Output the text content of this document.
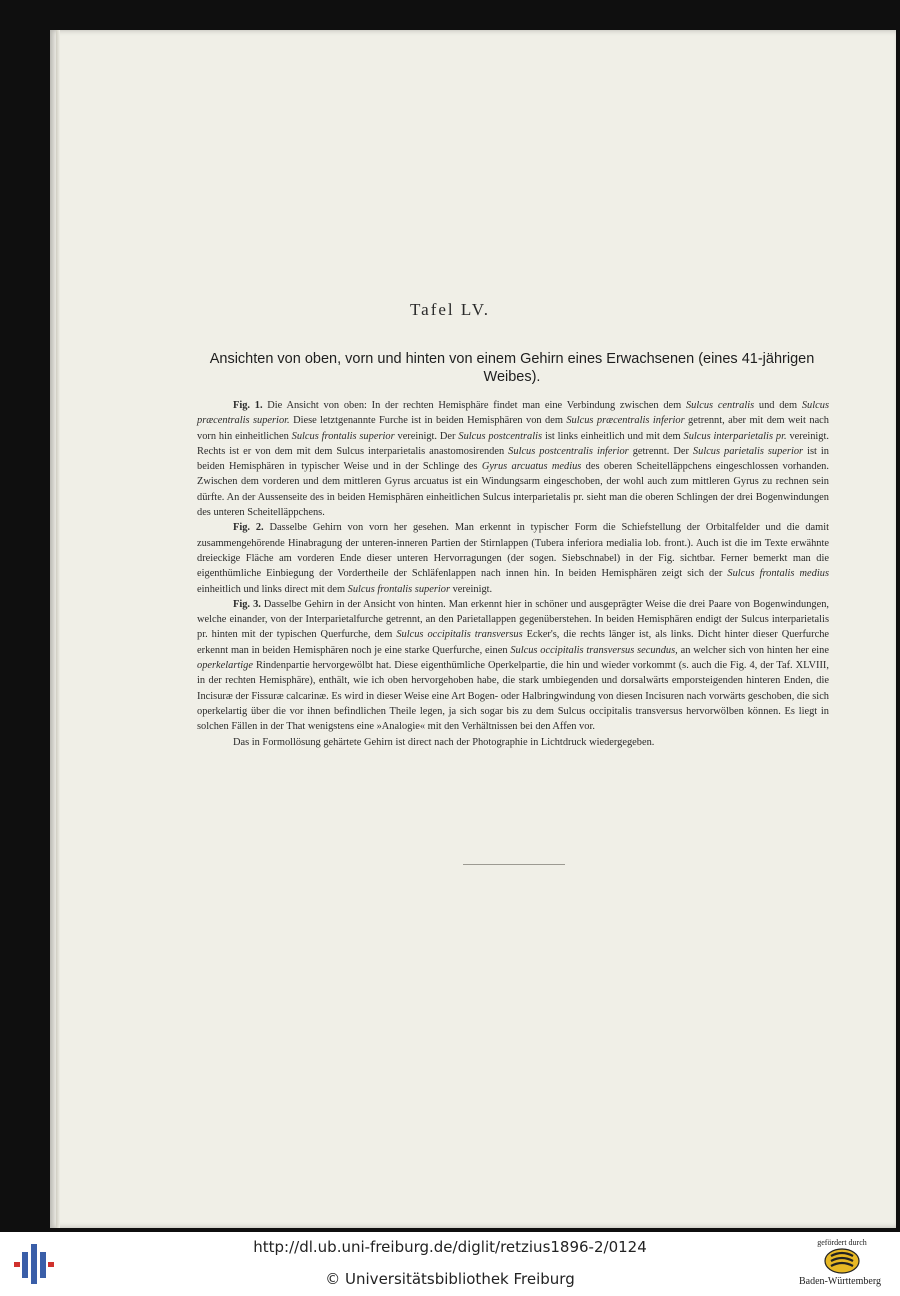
Tafel LV.
Ansichten von oben, vorn und hinten von einem Gehirn eines Erwachsenen (eines 41-jährigen Weibes).

Fig. 1. Die Ansicht von oben: In der rechten Hemisphäre findet man eine Verbindung zwischen dem Sulcus centralis und dem Sulcus præcentralis superior. Diese letztgenannte Furche ist in beiden Hemisphären von dem Sulcus præcentralis inferior getrennt, aber mit dem weit nach vorn hin einheitlichen Sulcus frontalis superior vereinigt. Der Sulcus postcentralis ist links einheitlich und mit dem Sulcus interparietalis pr. vereinigt. Rechts ist er von dem mit dem Sulcus interparietalis anastomosirenden Sulcus postcentralis inferior getrennt. Der Sulcus parietalis superior ist in beiden Hemisphären in typischer Weise und in der Schlinge des Gyrus arcuatus medius des oberen Scheitelläppchens eingeschlossen vorhanden. Zwischen dem vorderen und dem mittleren Gyrus arcuatus ist ein Windungsarm eingeschoben, der wohl auch zum mittleren Gyrus zu rechnen sein dürfte. An der Aussenseite des in beiden Hemisphären einheitlichen Sulcus interparietalis pr. sieht man die oberen Schlingen der drei Bogenwindungen des unteren Scheitelläppchens.

Fig. 2. Dasselbe Gehirn von vorn her gesehen. Man erkennt in typischer Form die Schiefstellung der Orbitalfelder und die damit zusammengehörende Hinabragung der unteren-inneren Partien der Stirnlappen (Tubera inferiora medialia lob. front.). Auch ist die im Texte erwähnte dreieckige Fläche am vorderen Ende dieser unteren Hervorragungen (der sogen. Siebschnabel) in der Fig. sichtbar. Ferner bemerkt man die eigenthümliche Einbiegung der Vordertheile der Schläfenlappen nach innen hin. In beiden Hemisphären zeigt sich der Sulcus frontalis medius einheitlich und links direct mit dem Sulcus frontalis superior vereinigt.

Fig. 3. Dasselbe Gehirn in der Ansicht von hinten. Man erkennt hier in schöner und ausgeprägter Weise die drei Paare von Bogenwindungen, welche einander, von der Interparietalfurche getrennt, an den Parietallappen gegenüberstehen. In beiden Hemisphären endigt der Sulcus interparietalis pr. hinten mit der typischen Querfurche, dem Sulcus occipitalis transversus Ecker's, die rechts länger ist, als links. Dicht hinter dieser Querfurche erkennt man in beiden Hemisphären noch je eine starke Querfurche, einen Sulcus occipitalis transversus secundus, an welcher sich von hinten her eine operkelartige Rindenpartie hervorgewölbt hat. Diese eigenthümliche Operkelpartie, die hin und wieder vorkommt (s. auch die Fig. 4, der Taf. XLVIII, in der rechten Hemisphäre), enthält, wie ich oben hervorgehoben habe, die stark umbiegenden und dorsalwärts emporsteigenden hinteren Enden, die Incisuræ der Fissuræ calcarinæ. Es wird in dieser Weise eine Art Bogen- oder Halbringwindung von diesen Incisuren nach vorwärts geschoben, die sich operkelartig über die vor ihnen befindlichen Theile legen, ja sich sogar bis zu dem Sulcus occipitalis transversus hervorwölben können. Es liegt in solchen Fällen in der That wenigstens eine »Analogie« mit den Verhältnissen bei den Affen vor.

Das in Formollösung gehärtete Gehirn ist direct nach der Photographie in Lichtdruck wiedergegeben.

http://dl.ub.uni-freiburg.de/diglit/retzius1896-2/0124
© Universitätsbibliothek Freiburg
gefördert durch
Baden-Württemberg
